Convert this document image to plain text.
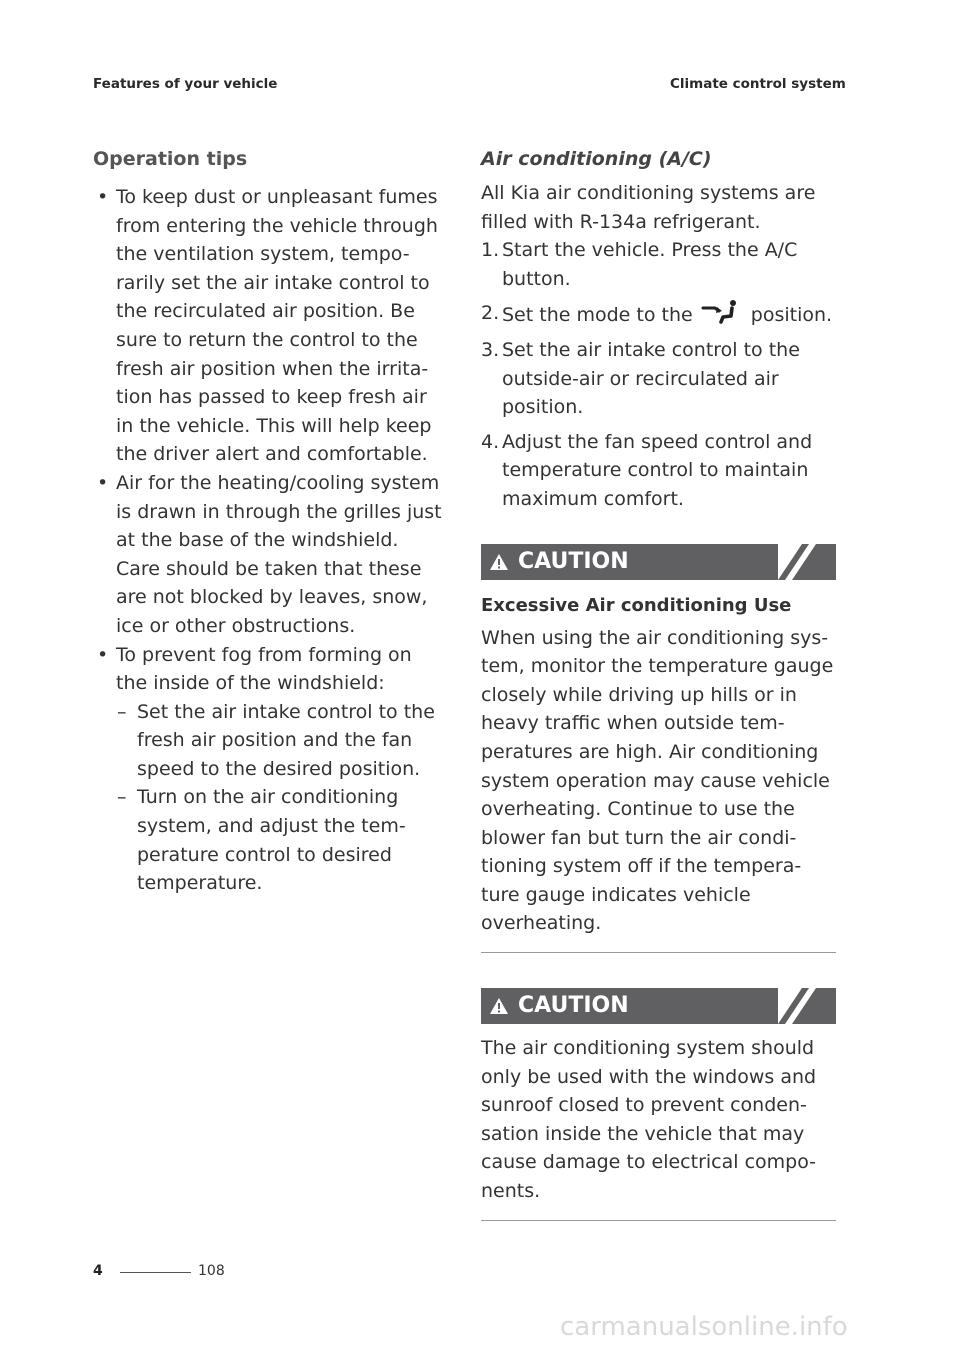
Features of your vehicle	Climate control system
Operation tips
• To keep dust or unpleasant fumes from entering the vehicle through the ventilation system, tempo-rarily set the air intake control to the recirculated air position. Be sure to return the control to the fresh air position when the irrita-tion has passed to keep fresh air in the vehicle. This will help keep the driver alert and comfortable.
• Air for the heating/cooling system is drawn in through the grilles just at the base of the windshield. Care should be taken that these are not blocked by leaves, snow, ice or other obstructions.
• To prevent fog from forming on the inside of the windshield:
– Set the air intake control to the fresh air position and the fan speed to the desired position.
– Turn on the air conditioning system, and adjust the tem-perature control to desired temperature.
Air conditioning (A/C)

All Kia air conditioning systems are filled with R-134a refrigerant.

1. Start the vehicle. Press the A/C button.
2. Set the mode to the	position.
3. Set the air intake control to the outside-air or recirculated air position.
4. Adjust the fan speed control and temperature control to maintain maximum comfort.
CAUTION
Excessive Air conditioning Use

When using the air conditioning sys-tem, monitor the temperature gauge closely while driving up hills or in heavy traffic when outside tem-peratures are high. Air conditioning system operation may cause vehicle overheating. Continue to use the blower fan but turn the air condi-tioning system off if the tempera-ture gauge indicates vehicle overheating.

CAUTION

The air conditioning system should only be used with the windows and sunroof closed to prevent conden-sation inside the vehicle that may cause damage to electrical compo-nents.

4	108
carmanualsonline.info
